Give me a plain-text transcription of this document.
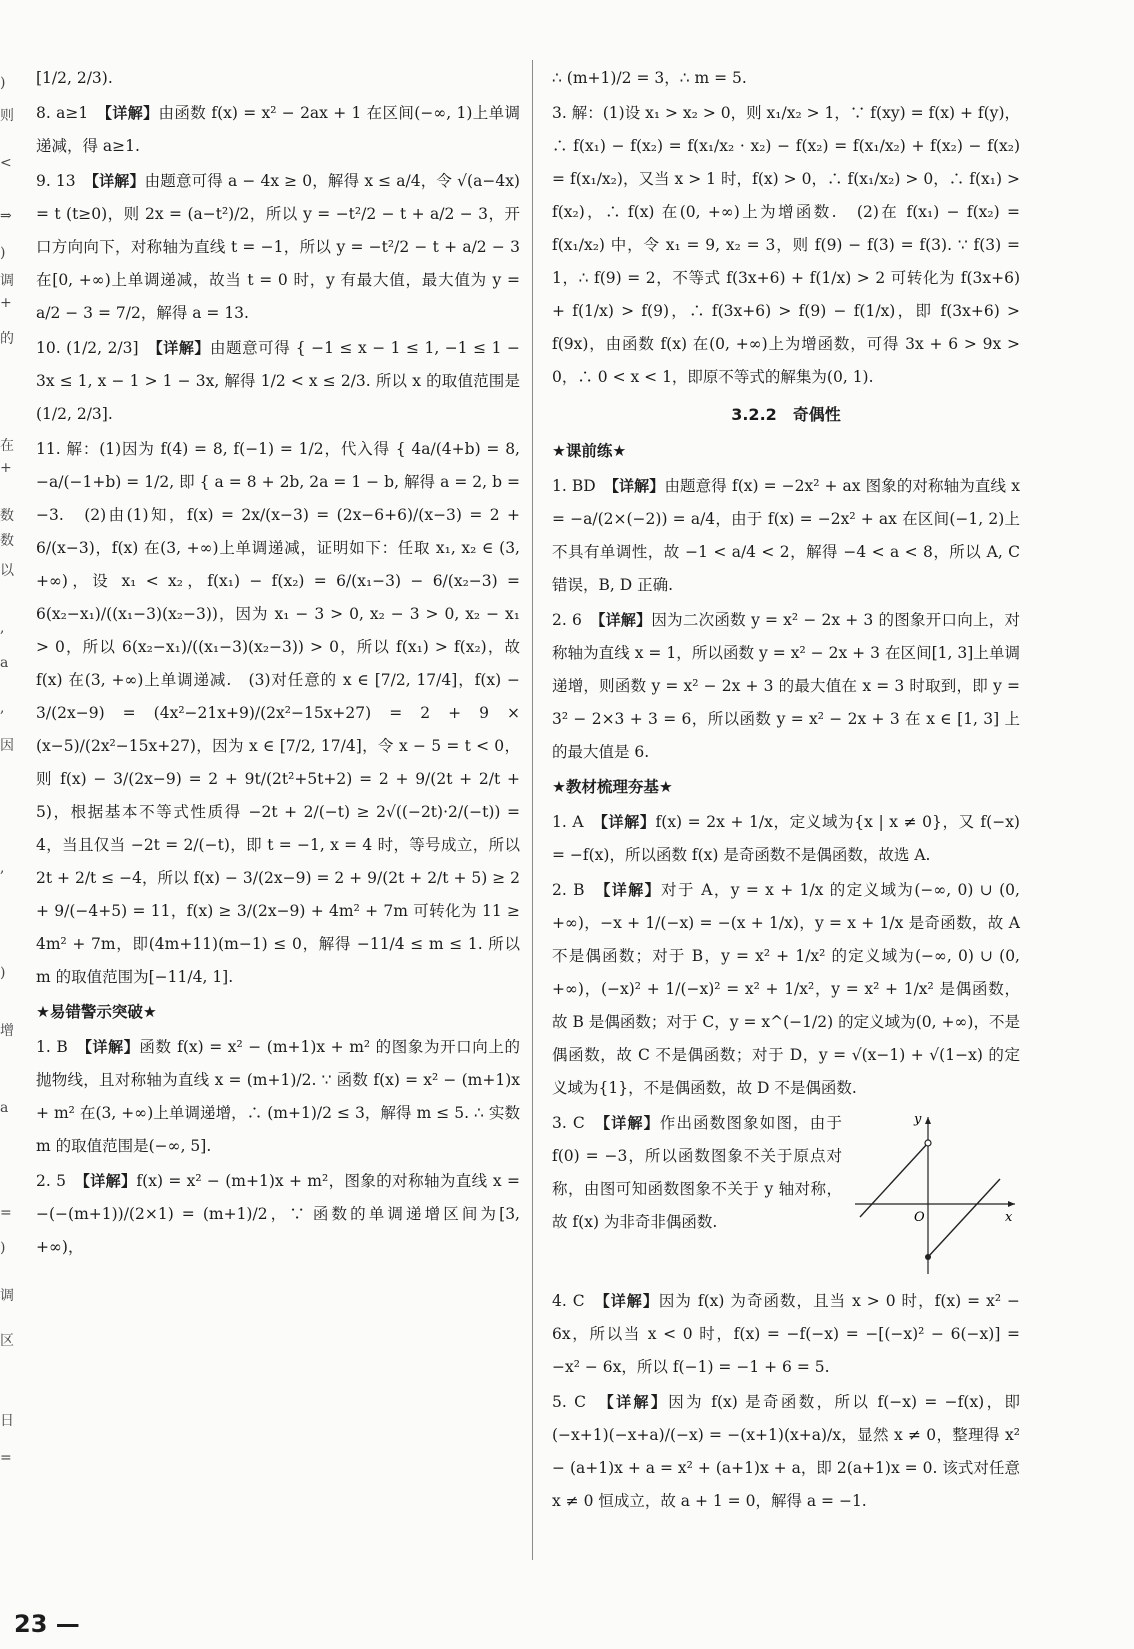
)
则
<
⇒
)
调
+
的
在
+
数
数
以
,
a
,
因
,
)
增
a
=
)
调
区
日
=
[1/2, 2/3).
8. a≥1　 【详解】由函数 f(x) = x² − 2ax + 1 在区间(−∞, 1)上单调递减，得 a≥1.
9. 13　 【详解】由题意可得 a − 4x ≥ 0，解得 x ≤ a/4，令 √(a−4x) = t (t≥0)，则 2x = (a−t²)/2，所以 y = −t²/2 − t + a/2 − 3，开口方向向下，对称轴为直线 t = −1，所以 y = −t²/2 − t + a/2 − 3 在[0, +∞)上单调递减，故当 t = 0 时，y 有最大值，最大值为 y = a/2 − 3 = 7/2，解得 a = 13.
10. (1/2, 2/3]　 【详解】由题意可得 { −1 ≤ x − 1 ≤ 1, −1 ≤ 1 − 3x ≤ 1, x − 1 > 1 − 3x, 解得 1/2 < x ≤ 2/3. 所以 x 的取值范围是(1/2, 2/3].
11. 解：(1)因为 f(4) = 8, f(−1) = 1/2，代入得 { 4a/(4+b) = 8, −a/(−1+b) = 1/2, 即 { a = 8 + 2b, 2a = 1 − b, 解得 a = 2, b = −3.　(2)由(1)知，f(x) = 2x/(x−3) = (2x−6+6)/(x−3) = 2 + 6/(x−3)，f(x) 在(3, +∞)上单调递减，证明如下：任取 x₁, x₂ ∈ (3, +∞)，设 x₁ < x₂，f(x₁) − f(x₂) = 6/(x₁−3) − 6/(x₂−3) = 6(x₂−x₁)/((x₁−3)(x₂−3))，因为 x₁ − 3 > 0, x₂ − 3 > 0, x₂ − x₁ > 0，所以 6(x₂−x₁)/((x₁−3)(x₂−3)) > 0，所以 f(x₁) > f(x₂)，故 f(x) 在(3, +∞)上单调递减.　(3)对任意的 x ∈ [7/2, 17/4]，f(x) − 3/(2x−9) = (4x²−21x+9)/(2x²−15x+27) = 2 + 9 × (x−5)/(2x²−15x+27)，因为 x ∈ [7/2, 17/4]，令 x − 5 = t < 0，则 f(x) − 3/(2x−9) = 2 + 9t/(2t²+5t+2) = 2 + 9/(2t + 2/t + 5)，根据基本不等式性质得 −2t + 2/(−t) ≥ 2√((−2t)·2/(−t)) = 4，当且仅当 −2t = 2/(−t)，即 t = −1, x = 4 时，等号成立，所以 2t + 2/t ≤ −4，所以 f(x) − 3/(2x−9) = 2 + 9/(2t + 2/t + 5) ≥ 2 + 9/(−4+5) = 11，f(x) ≥ 3/(2x−9) + 4m² + 7m 可转化为 11 ≥ 4m² + 7m，即(4m+11)(m−1) ≤ 0，解得 −11/4 ≤ m ≤ 1. 所以 m 的取值范围为[−11/4, 1].
★易错警示突破★
1. B　 【详解】函数 f(x) = x² − (m+1)x + m² 的图象为开口向上的抛物线，且对称轴为直线 x = (m+1)/2. ∵ 函数 f(x) = x² − (m+1)x + m² 在(3, +∞)上单调递增，∴ (m+1)/2 ≤ 3，解得 m ≤ 5. ∴ 实数 m 的取值范围是(−∞, 5].
2. 5　 【详解】f(x) = x² − (m+1)x + m²，图象的对称轴为直线 x = −(−(m+1))/(2×1) = (m+1)/2，∵ 函数的单调递增区间为[3, +∞)，
∴ (m+1)/2 = 3，∴ m = 5.
3. 解：(1)设 x₁ > x₂ > 0，则 x₁/x₂ > 1，∵ f(xy) = f(x) + f(y)，∴ f(x₁) − f(x₂) = f(x₁/x₂ · x₂) − f(x₂) = f(x₁/x₂) + f(x₂) − f(x₂) = f(x₁/x₂)，又当 x > 1 时，f(x) > 0，∴ f(x₁/x₂) > 0，∴ f(x₁) > f(x₂)，∴ f(x) 在(0, +∞)上为增函数.　(2)在 f(x₁) − f(x₂) = f(x₁/x₂) 中，令 x₁ = 9, x₂ = 3，则 f(9) − f(3) = f(3). ∵ f(3) = 1，∴ f(9) = 2，不等式 f(3x+6) + f(1/x) > 2 可转化为 f(3x+6) + f(1/x) > f(9)，∴ f(3x+6) > f(9) − f(1/x)，即 f(3x+6) > f(9x)，由函数 f(x) 在(0, +∞)上为增函数，可得 3x + 6 > 9x > 0，∴ 0 < x < 1，即原不等式的解集为(0, 1).
3.2.2　奇偶性
★课前练★
1. BD　 【详解】由题意得 f(x) = −2x² + ax 图象的对称轴为直线 x = −a/(2×(−2)) = a/4，由于 f(x) = −2x² + ax 在区间(−1, 2)上不具有单调性，故 −1 < a/4 < 2，解得 −4 < a < 8，所以 A, C 错误，B, D 正确.
2. 6　 【详解】因为二次函数 y = x² − 2x + 3 的图象开口向上，对称轴为直线 x = 1，所以函数 y = x² − 2x + 3 在区间[1, 3]上单调递增，则函数 y = x² − 2x + 3 的最大值在 x = 3 时取到，即 y = 3² − 2×3 + 3 = 6，所以函数 y = x² − 2x + 3 在 x ∈ [1, 3] 上的最大值是 6.
★教材梳理夯基★
1. A　 【详解】f(x) = 2x + 1/x，定义域为{x | x ≠ 0}，又 f(−x) = −f(x)，所以函数 f(x) 是奇函数不是偶函数，故选 A.
2. B　 【详解】对于 A，y = x + 1/x 的定义域为(−∞, 0) ∪ (0, +∞)，−x + 1/(−x) = −(x + 1/x)，y = x + 1/x 是奇函数，故 A 不是偶函数；对于 B，y = x² + 1/x² 的定义域为(−∞, 0) ∪ (0, +∞)，(−x)² + 1/(−x)² = x² + 1/x²，y = x² + 1/x² 是偶函数，故 B 是偶函数；对于 C，y = x^(−1/2) 的定义域为(0, +∞)，不是偶函数，故 C 不是偶函数；对于 D，y = √(x−1) + √(1−x) 的定义域为{1}，不是偶函数，故 D 不是偶函数.
y
x
O
3. C　 【详解】作出函数图象如图，由于 f(0) = −3，所以函数图象不关于原点对称，由图可知函数图象不关于 y 轴对称，故 f(x) 为非奇非偶函数.
4. C　 【详解】因为 f(x) 为奇函数，且当 x > 0 时，f(x) = x² − 6x，所以当 x < 0 时，f(x) = −f(−x) = −[(−x)² − 6(−x)] = −x² − 6x，所以 f(−1) = −1 + 6 = 5.
5. C　 【详解】因为 f(x) 是奇函数，所以 f(−x) = −f(x)，即 (−x+1)(−x+a)/(−x) = −(x+1)(x+a)/x，显然 x ≠ 0，整理得 x² − (a+1)x + a = x² + (a+1)x + a，即 2(a+1)x = 0. 该式对任意 x ≠ 0 恒成立，故 a + 1 = 0，解得 a = −1.
23 —
